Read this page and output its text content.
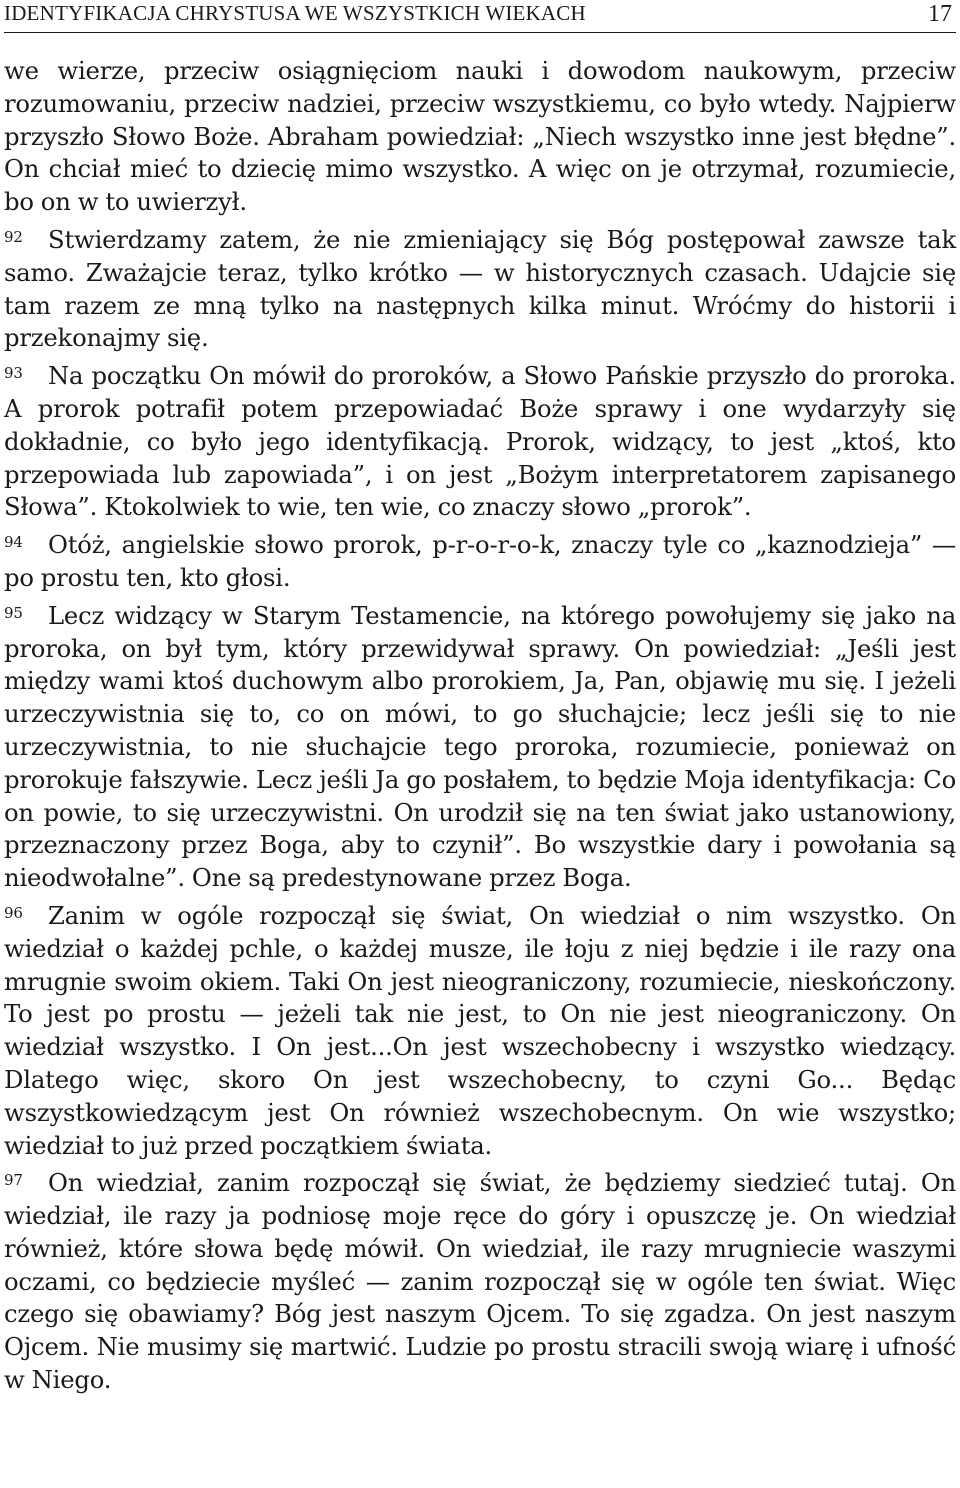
IDENTYFIKACJA CHRYSTUSA WE WSZYSTKICH WIEKACH	17

we wierze, przeciw osiągnięciom nauki i dowodom naukowym, przeciw rozumowaniu, przeciw nadziei, przeciw wszystkiemu, co było wtedy. Najpierw przyszło Słowo Boże. Abraham powiedział: „Niech wszystko inne jest błędne”. On chciał mieć to dziecię mimo wszystko. A więc on je otrzymał, rozumiecie, bo on w to uwierzył.

92 Stwierdzamy zatem, że nie zmieniający się Bóg postępował zawsze tak samo. Zważajcie teraz, tylko krótko — w historycznych czasach. Udajcie się tam razem ze mną tylko na następnych kilka minut. Wróćmy do historii i przekonajmy się.

93 Na początku On mówił do proroków, a Słowo Pańskie przyszło do proroka. A prorok potrafił potem przepowiadać Boże sprawy i one wydarzyły się dokładnie, co było jego identyfikacją. Prorok, widzący, to jest „ktoś, kto przepowiada lub zapowiada”, i on jest „Bożym interpretatorem zapisanego Słowa”. Ktokolwiek to wie, ten wie, co znaczy słowo „prorok”.

94 Otóż, angielskie słowo prorok, p-r-o-r-o-k, znaczy tyle co „kaznodzieja” — po prostu ten, kto głosi.

95 Lecz widzący w Starym Testamencie, na którego powołujemy się jako na proroka, on był tym, który przewidywał sprawy. On powiedział: „Jeśli jest między wami ktoś duchowym albo prorokiem, Ja, Pan, objawię mu się. I jeżeli urzeczywistnia się to, co on mówi, to go słuchajcie; lecz jeśli się to nie urzeczywistnia, to nie słuchajcie tego proroka, rozumiecie, ponieważ on prorokuje fałszywie. Lecz jeśli Ja go posłałem, to będzie Moja identyfikacja: Co on powie, to się urzeczywistni. On urodził się na ten świat jako ustanowiony, przeznaczony przez Boga, aby to czynił”. Bo wszystkie dary i powołania są nieodwołalne”. One są predestynowane przez Boga.

96 Zanim w ogóle rozpoczął się świat, On wiedział o nim wszystko. On wiedział o każdej pchle, o każdej musze, ile łoju z niej będzie i ile razy ona mrugnie swoim okiem. Taki On jest nieograniczony, rozumiecie, nieskończony. To jest po prostu — jeżeli tak nie jest, to On nie jest nieograniczony. On wiedział wszystko. I On jest...On jest wszechobecny i wszystko wiedzący. Dlatego więc, skoro On jest wszechobecny, to czyni Go... Będąc wszystkowiedzącym jest On również wszechobecnym. On wie wszystko; wiedział to już przed początkiem świata.

97 On wiedział, zanim rozpoczął się świat, że będziemy siedzieć tutaj. On wiedział, ile razy ja podniosę moje ręce do góry i opuszczę je. On wiedział również, które słowa będę mówił. On wiedział, ile razy mrugniecie waszymi oczami, co będziecie myśleć — zanim rozpoczął się w ogóle ten świat. Więc czego się obawiamy? Bóg jest naszym Ojcem. To się zgadza. On jest naszym Ojcem. Nie musimy się martwić. Ludzie po prostu stracili swoją wiarę i ufność w Niego.
